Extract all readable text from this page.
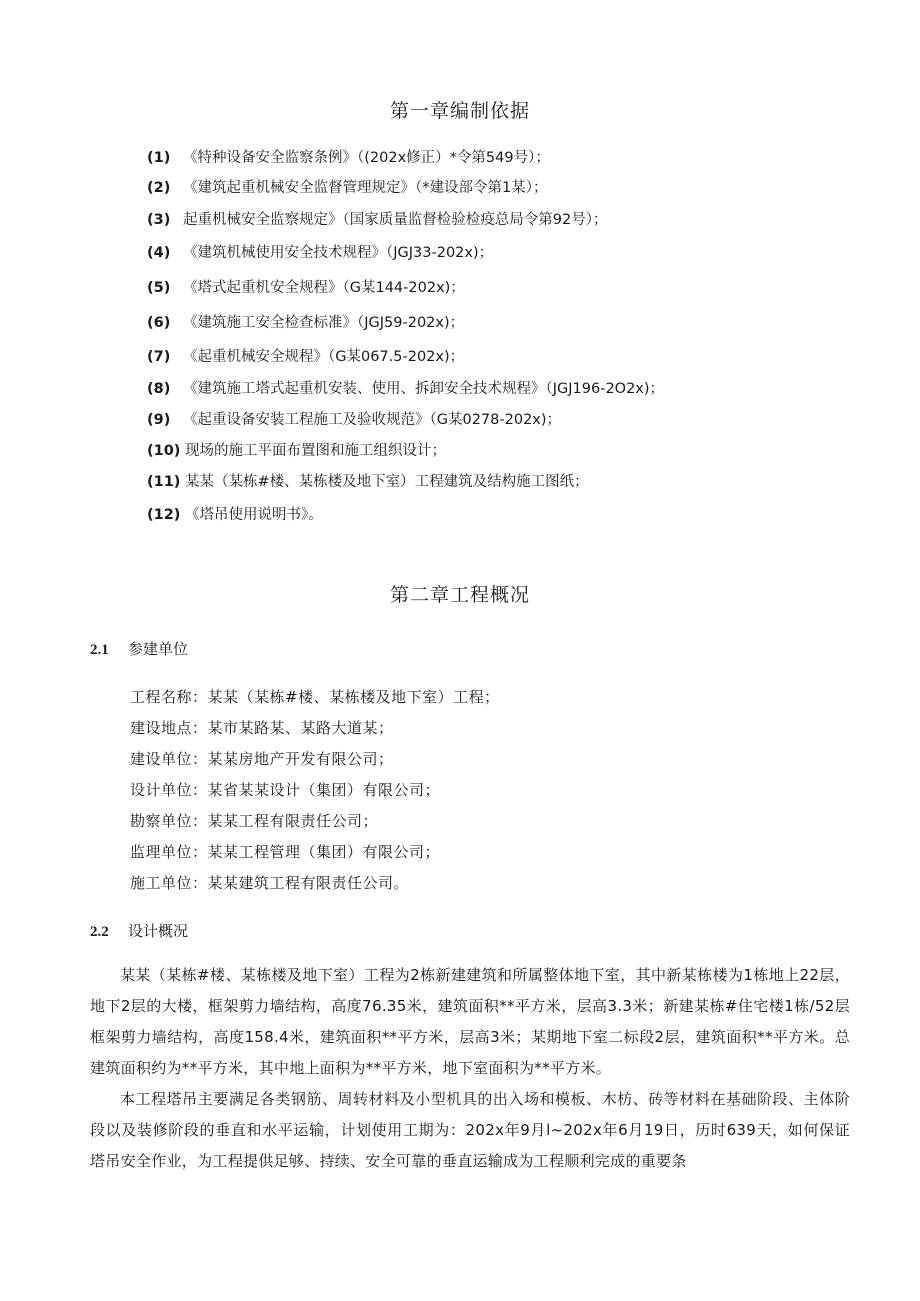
第一章编制依据
(1) 《特种设备安全监察条例》（(202x修正）*令第549号）；
(2) 《建筑起重机械安全监督管理规定》（*建设部令第1某）；
(3) 起重机械安全监察规定》（国家质量监督检验检疫总局令第92号）；
(4) 《建筑机械使用安全技术规程》（JGJ33-202x)；
(5) 《塔式起重机安全规程》（G某144-202x)；
(6) 《建筑施工安全检查标准》（JGJ59-202x)；
(7) 《起重机械安全规程》（G某067.5-202x)；
(8) 《建筑施工塔式起重机安装、使用、拆卸安全技术规程》（JGJ196-2O2x)；
(9) 《起重设备安装工程施工及验收规范》（G某0278-202x)；
(10) 现场的施工平面布置图和施工组织设计；
(11) 某某（某栋#楼、某栋楼及地下室）工程建筑及结构施工图纸；
(12) 《塔吊使用说明书》。
第二章工程概况
2.1 参建单位
工程名称：某某（某栋#楼、某栋楼及地下室）工程；
建设地点：某市某路某、某路大道某；
建设单位：某某房地产开发有限公司；
设计单位：某省某某设计（集团）有限公司；
勘察单位：某某工程有限责任公司；
监理单位：某某工程管理（集团）有限公司；
施工单位：某某建筑工程有限责任公司。
2.2 设计概况

某某（某栋#楼、某栋楼及地下室）工程为2栋新建建筑和所属整体地下室，其中新某栋楼为1栋地上22层，地下2层的大楼，框架剪力墙结构，高度76.35米，建筑面积**平方米，层高3.3米；新建某栋#住宅楼1栋/52层框架剪力墙结构，高度158.4米，建筑面积**平方米，层高3米；某期地下室二标段2层，建筑面积**平方米。总建筑面积约为**平方米，其中地上面积为**平方米，地下室面积为**平方米。

本工程塔吊主要满足各类钢筋、周转材料及小型机具的出入场和模板、木枋、砖等材料在基础阶段、主体阶段以及装修阶段的垂直和水平运输，计划使用工期为：202x年9月l~202x年6月19日，历时639天，如何保证塔吊安全作业，为工程提供足够、持续、安全可靠的垂直运输成为工程顺利完成的重要条
